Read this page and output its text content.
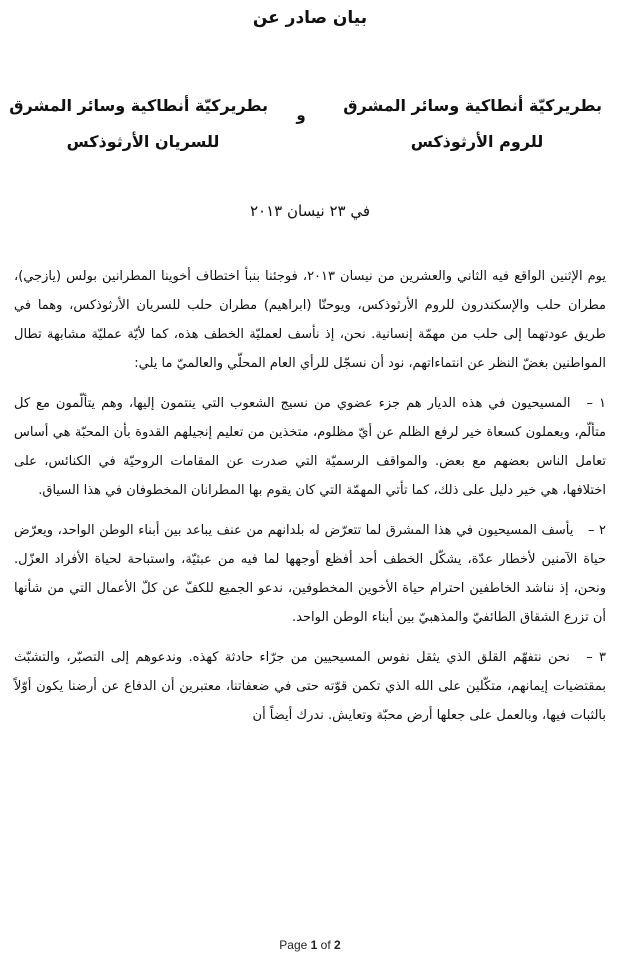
بيان صادر عن
بطريركيّة أنطاكية وسائر المشرق
للروم الأرثوذكس
و
بطريركيّة أنطاكية وسائر المشرق
للسريان الأرثوذكس
في ٢٣ نيسان ٢٠١٣

يوم الإثنين الواقع فيه الثاني والعشرين من نيسان ٢٠١٣، فوجئنا بنبأ اختطاف أخوينا المطرانين بولس (يازجي)، مطران حلب والإسكندرون للروم الأرثوذكس، ويوحنّا (ابراهيم) مطران حلب للسريان الأرثوذكس، وهما في طريق عودتهما إلى حلب من مهمّة إنسانية. نحن، إذ نأسف لعمليّة الخطف هذه، كما لأيّة عمليّة مشابهة تطال المواطنين بغضّ النظر عن انتماءاتهم، نود أن نسجّل للرأي العام المحلّي والعالميّ ما يلي:

١ – المسيحيون في هذه الديار هم جزء عضوي من نسيج الشعوب التي ينتمون إليها، وهم يتألّمون مع كل متألّم، ويعملون كسعاة خير لرفع الظلم عن أيّ مظلوم، متخذين من تعليم إنجيلهم القدوة بأن المحبّة هي أساس تعامل الناس بعضهم مع بعض. والمواقف الرسميّة التي صدرت عن المقامات الروحيّة في الكنائس، على اختلافها، هي خير دليل على ذلك، كما تأتي المهمّة التي كان يقوم بها المطرانان المخطوفان في هذا السياق.

٢ – يأسف المسيحيون في هذا المشرق لما تتعرّض له بلدانهم من عنف يباعد بين أبناء الوطن الواحد، ويعرّض حياة الآمنين لأخطار عدّة، يشكّل الخطف أحد أفظع أوجهها لما فيه من عبثيّة، واستباحة لحياة الأفراد العزّل. ونحن، إذ نناشد الخاطفين احترام حياة الأخوين المخطوفين، ندعو الجميع للكفّ عن كلّ الأعمال التي من شأنها أن تزرع الشقاق الطائفيّ والمذهبيّ بين أبناء الوطن الواحد.

٣ – نحن نتفهّم القلق الذي يثقل نفوس المسيحيين من جرّاء حادثة كهذه. وندعوهم إلى التصبّر، والتشبّث بمقتضيات إيمانهم، متكّلين على الله الذي تكمن قوّته حتى في ضعفاتنا، معتبرين أن الدفاع عن أرضنا يكون أوّلاً بالثبات فيها، وبالعمل على جعلها أرض محبّة وتعايش. ندرك أيضاً أن

Page 1 of 2
